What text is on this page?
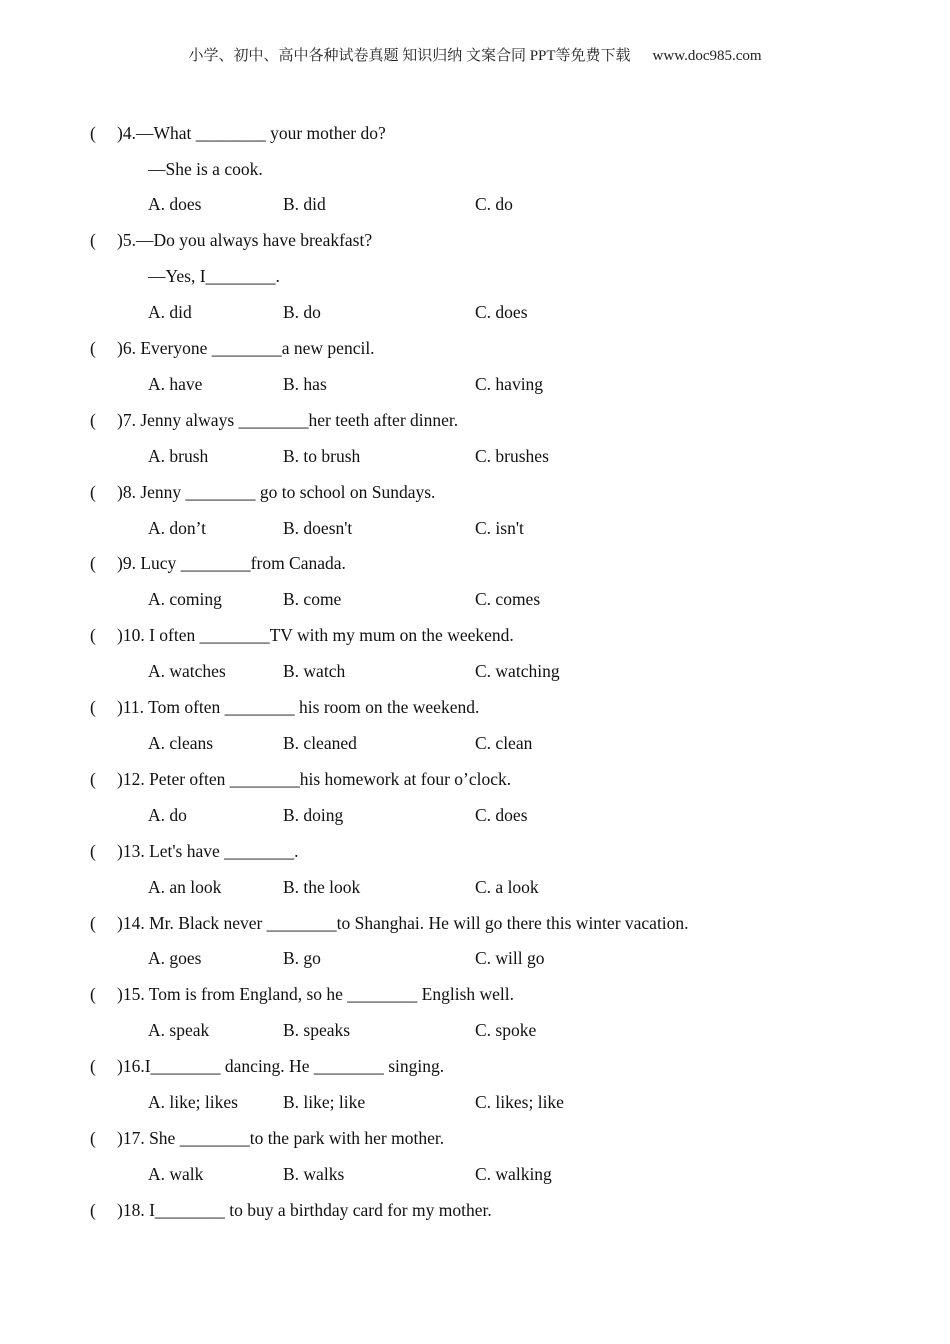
小学、初中、高中各种试卷真题 知识归纳 文案合同 PPT等免费下载 www.doc985.com
( )4.—What ________ your mother do?
—She is a cook.
A. does	B. did	C. do
( )5.—Do you always have breakfast?
—Yes, I________.
A. did	B. do	C. does
( )6. Everyone ________a new pencil.
A. have	B. has	C. having
( )7. Jenny always ________her teeth after dinner.
A. brush	B. to brush	C. brushes
( )8. Jenny ________ go to school on Sundays.
A. don’t	B. doesn't	C. isn't
( )9. Lucy ________from Canada.
A. coming	B. come	C. comes
( )10. I often ________TV with my mum on the weekend.
A. watches	B. watch	C. watching
( )11. Tom often ________ his room on the weekend.
A. cleans	B. cleaned	C. clean
( )12. Peter often ________his homework at four o’clock.
A. do	B. doing	C. does
( )13. Let's have ________.
A. an look	B. the look	C. a look
( )14. Mr. Black never ________to Shanghai. He will go there this winter vacation.
A. goes	B. go	C. will go
( )15. Tom is from England, so he ________ English well.
A. speak	B. speaks	C. spoke
( )16.I________ dancing. He ________ singing.
A. like; likes	B. like; like	C. likes; like
( )17. She ________to the park with her mother.
A. walk	B. walks	C. walking
( )18. I________ to buy a birthday card for my mother.
